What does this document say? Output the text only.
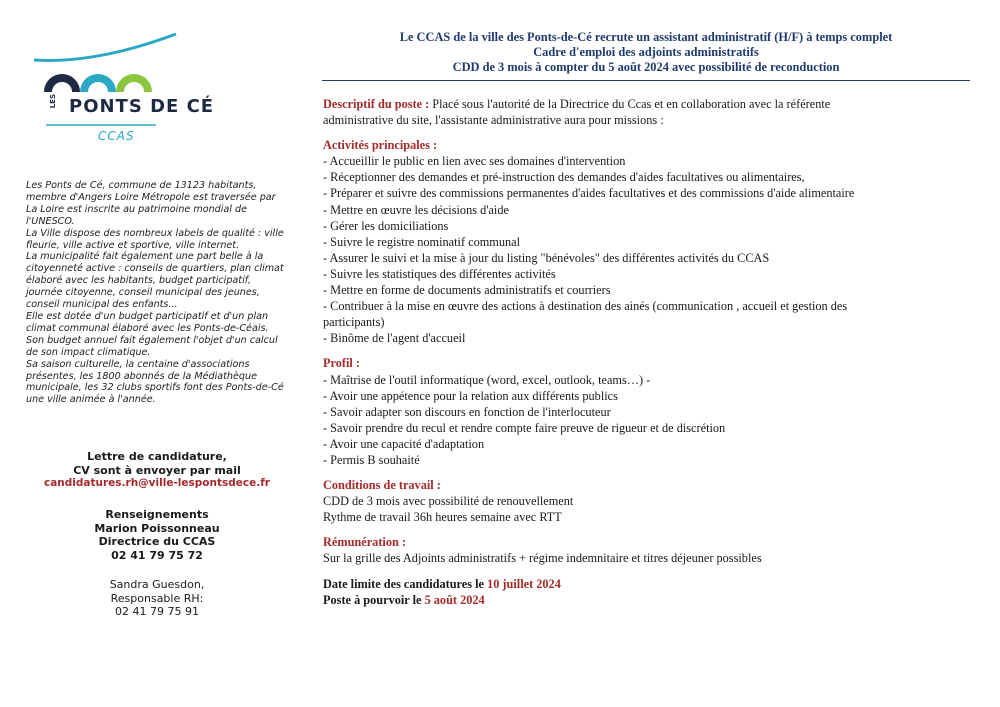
LES PONTS DE CÉ
CCAS

Les Ponts de Cé, commune de 13123 habitants, membre d'Angers Loire Métropole est traversée par La Loire est inscrite au patrimoine mondial de l'UNESCO.

La Ville dispose des nombreux labels de qualité : ville fleurie, ville active et sportive, ville internet.

La municipalité fait également une part belle à la citoyenneté active : conseils de quartiers, plan climat élaboré avec les habitants, budget participatif, journée citoyenne, conseil municipal des jeunes, conseil municipal des enfants...

Elle est dotée d'un budget participatif et d'un plan climat communal élaboré avec les Ponts-de-Céais. Son budget annuel fait également l'objet d'un calcul de son impact climatique.

Sa saison culturelle, la centaine d'associations présentes, les 1800 abonnés de la Médiathèque municipale, les 32 clubs sportifs font des Ponts-de-Cé une ville animée à l'année.

Lettre de candidature,
CV sont à envoyer par mail
candidatures.rh@ville-lespontsdece.fr
Renseignements
Marion Poissonneau
Directrice du CCAS
02 41 79 75 72
Sandra Guesdon,
Responsable RH:
02 41 79 75 91
Le CCAS de la ville des Ponts-de-Cé recrute un assistant administratif (H/F) à temps complet
Cadre d'emploi des adjoints administratifs
CDD de 3 mois à compter du 5 août 2024 avec possibilité de reconduction
Descriptif du poste : Placé sous l'autorité de la Directrice du Ccas et en collaboration avec la référente
administrative du site, l'assistante administrative aura pour missions :
Activités principales :
- Accueillir le public en lien avec ses domaines d'intervention
- Réceptionner des demandes et pré-instruction des demandes d'aides facultatives ou alimentaires,
- Préparer et suivre des commissions permanentes d'aides facultatives et des commissions d'aide alimentaire
- Mettre en œuvre les décisions d'aide
- Gérer les domiciliations
- Suivre le registre nominatif communal
- Assurer le suivi et la mise à jour du listing "bénévoles" des différentes activités du CCAS
- Suivre les statistiques des différentes activités
- Mettre en forme de documents administratifs et courriers
- Contribuer à la mise en œuvre des actions à destination des ainés (communication , accueil et gestion des
participants)
- Binôme de l'agent d'accueil
Profil :
- Maîtrise de l'outil informatique (word, excel, outlook, teams…) -
- Avoir une appétence pour la relation aux différents publics
- Savoir adapter son discours en fonction de l'interlocuteur
- Savoir prendre du recul et rendre compte faire preuve de rigueur et de discrétion
- Avoir une capacité d'adaptation
- Permis B souhaité
Conditions de travail :
CDD de 3 mois avec possibilité de renouvellement
Rythme de travail 36h heures semaine avec RTT
Rémunération :
Sur la grille des Adjoints administratifs + régime indemnitaire et titres déjeuner possibles
Date limite des candidatures le 10 juillet 2024
Poste à pourvoir le 5 août 2024
